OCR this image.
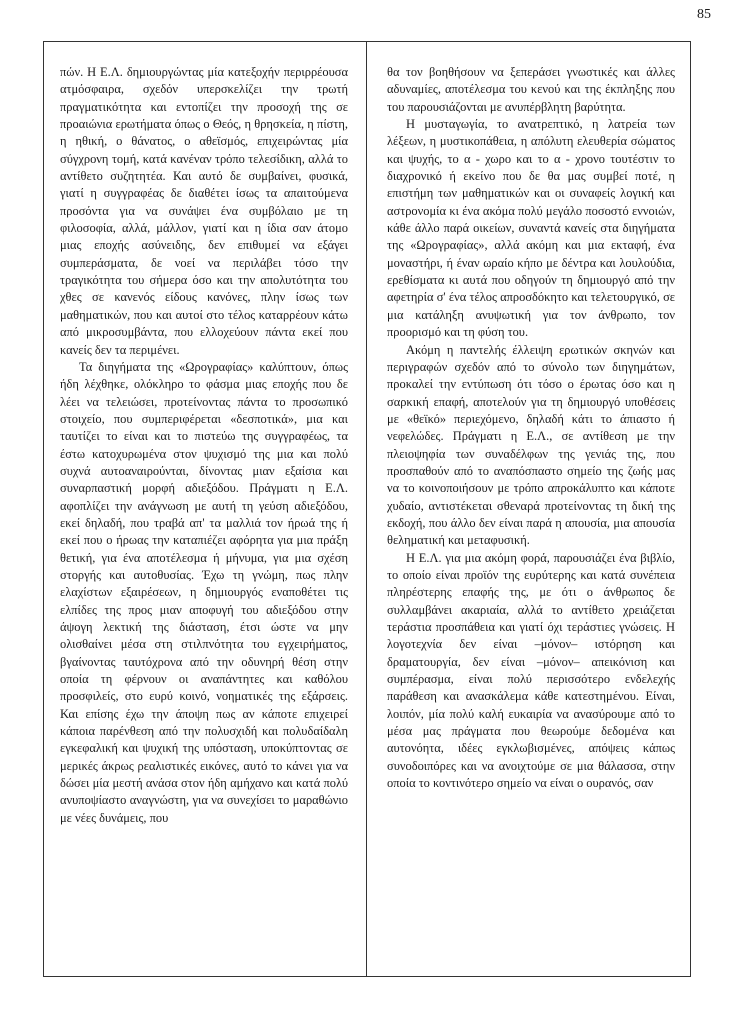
85

πών. Η Ε.Λ. δημιουργώντας μία κατεξοχήν περιρρέουσα ατμόσφαιρα, σχεδόν υπερσκελίζει την τρωτή πραγματικότητα και εντοπίζει την προσοχή της σε προαιώνια ερωτήματα όπως ο Θεός, η θρησκεία, η πίστη, η ηθική, ο θάνατος, ο αθεϊσμός, επιχειρώντας μία σύγχρονη τομή, κατά κανέναν τρόπο τελεσίδικη, αλλά το αντίθετο συζητητέα. Και αυτό δε συμβαίνει, φυσικά, γιατί η συγγραφέας δε διαθέτει ίσως τα απαιτούμενα προσόντα για να συνάψει ένα συμβόλαιο με τη φιλοσοφία, αλλά, μάλλον, γιατί και η ίδια σαν άτομο μιας εποχής ασύνειδης, δεν επιθυμεί να εξάγει συμπεράσματα, δε νοεί να περιλάβει τόσο την τραγικότητα του σήμερα όσο και την απολυτότητα του χθες σε κανενός είδους κανόνες, πλην ίσως των μαθηματικών, που και αυτοί στο τέλος καταρρέουν κάτω από μικροσυμβάντα, που ελλοχεύουν πάντα εκεί που κανείς δεν τα περιμένει.

Τα διηγήματα της «Ωρογραφίας» καλύπτουν, όπως ήδη λέχθηκε, ολόκληρο το φάσμα μιας εποχής που δε λέει να τελειώσει, προτείνοντας πάντα το προσωπικό στοιχείο, που συμπεριφέρεται «δεσποτικά», μια και ταυτίζει το είναι και το πιστεύω της συγγραφέως, τα έστω κατοχυρωμένα στον ψυχισμό της μια και πολύ συχνά αυτοαναιρούνται, δίνοντας μιαν εξαίσια και συναρπαστική μορφή αδιεξόδου. Πράγματι η Ε.Λ. αφοπλίζει την ανάγνωση με αυτή τη γεύση αδιεξόδου, εκεί δηλαδή, που τραβά απ' τα μαλλιά τον ήρωά της ή εκεί που ο ήρωας την καταπιέζει αφόρητα για μια πράξη θετική, για ένα αποτέλεσμα ή μήνυμα, για μια σχέση στοργής και αυτοθυσίας. Έχω τη γνώμη, πως πλην ελαχίστων εξαιρέσεων, η δημιουργός εναποθέτει τις ελπίδες της προς μιαν αποφυγή του αδιεξόδου στην άψογη λεκτική της διάσταση, έτσι ώστε να μην ολισθαίνει μέσα στη στιλπνότητα του εγχειρήματος, βγαίνοντας ταυτόχρονα από την οδυνηρή θέση στην οποία τη φέρνουν οι αναπάντητες και καθόλου προσφιλείς, στο ευρύ κοινό, νοηματικές της εξάρσεις. Και επίσης έχω την άποψη πως αν κάποτε επιχειρεί κάποια παρένθεση από την πολυσχιδή και πολυδαίδαλη εγκεφαλική και ψυχική της υπόσταση, υποκύπτοντας σε μερικές άκρως ρεαλιστικές εικόνες, αυτό το κάνει για να δώσει μία μεστή ανάσα στον ήδη αμήχανο και κατά πολύ ανυποψίαστο αναγνώστη, για να συνεχίσει το μαραθώνιο με νέες δυνάμεις, που

θα τον βοηθήσουν να ξεπεράσει γνωστικές και άλλες αδυναμίες, αποτέλεσμα του κενού και της έκπληξης που του παρουσιάζονται με ανυπέρβλητη βαρύτητα.

Η μυσταγωγία, το ανατρεπτικό, η λατρεία των λέξεων, η μυστικοπάθεια, η απόλυτη ελευθερία σώματος και ψυχής, το α - χωρο και το α - χρονο τουτέστιν το διαχρονικό ή εκείνο που δε θα μας συμβεί ποτέ, η επιστήμη των μαθηματικών και οι συναφείς λογική και αστρονομία κι ένα ακόμα πολύ μεγάλο ποσοστό εννοιών, κάθε άλλο παρά οικείων, συναντά κανείς στα διηγήματα της «Ωρογραφίας», αλλά ακόμη και μια εκταφή, ένα μοναστήρι, ή έναν ωραίο κήπο με δέντρα και λουλούδια, ερεθίσματα κι αυτά που οδηγούν τη δημιουργό από την αφετηρία σ' ένα τέλος απροσδόκητο και τελετουργικό, σε μια κατάληξη ανυψωτική για τον άνθρωπο, τον προορισμό και τη φύση του.

Ακόμη η παντελής έλλειψη ερωτικών σκηνών και περιγραφών σχεδόν από το σύνολο των διηγημάτων, προκαλεί την εντύπωση ότι τόσο ο έρωτας όσο και η σαρκική επαφή, αποτελούν για τη δημιουργό υποθέσεις με «θεϊκό» περιεχόμενο, δηλαδή κάτι το άπιαστο ή νεφελώδες. Πράγματι η Ε.Λ., σε αντίθεση με την πλειοψηφία των συναδέλφων της γενιάς της, που προσπαθούν από το αναπόσπαστο σημείο της ζωής μας να το κοινοποιήσουν με τρόπο απροκάλυπτο και κάποτε χυδαίο, αντιστέκεται σθεναρά προτείνοντας τη δική της εκδοχή, που άλλο δεν είναι παρά η απουσία, μια απουσία θεληματική και μεταφυσική.

Η Ε.Λ. για μια ακόμη φορά, παρουσιάζει ένα βιβλίο, το οποίο είναι προϊόν της ευρύτερης και κατά συνέπεια πληρέστερης επαφής της, με ότι ο άνθρωπος δε συλλαμβάνει ακαριαία, αλλά το αντίθετο χρειάζεται τεράστια προσπάθεια και γιατί όχι τεράστιες γνώσεις. Η λογοτεχνία δεν είναι –μόνον– ιστόρηση και δραματουργία, δεν είναι –μόνον– απεικόνιση και συμπέρασμα, είναι πολύ περισσότερο ενδελεχής παράθεση και ανασκάλεμα κάθε κατεστημένου. Είναι, λοιπόν, μία πολύ καλή ευκαιρία να ανασύρουμε από το μέσα μας πράγματα που θεωρούμε δεδομένα και αυτονόητα, ιδέες εγκλωβισμένες, απόψεις κάπως συνοδοιπόρες και να ανοιχτούμε σε μια θάλασσα, στην οποία το κοντινότερο σημείο να είναι ο ουρανός, σαν
